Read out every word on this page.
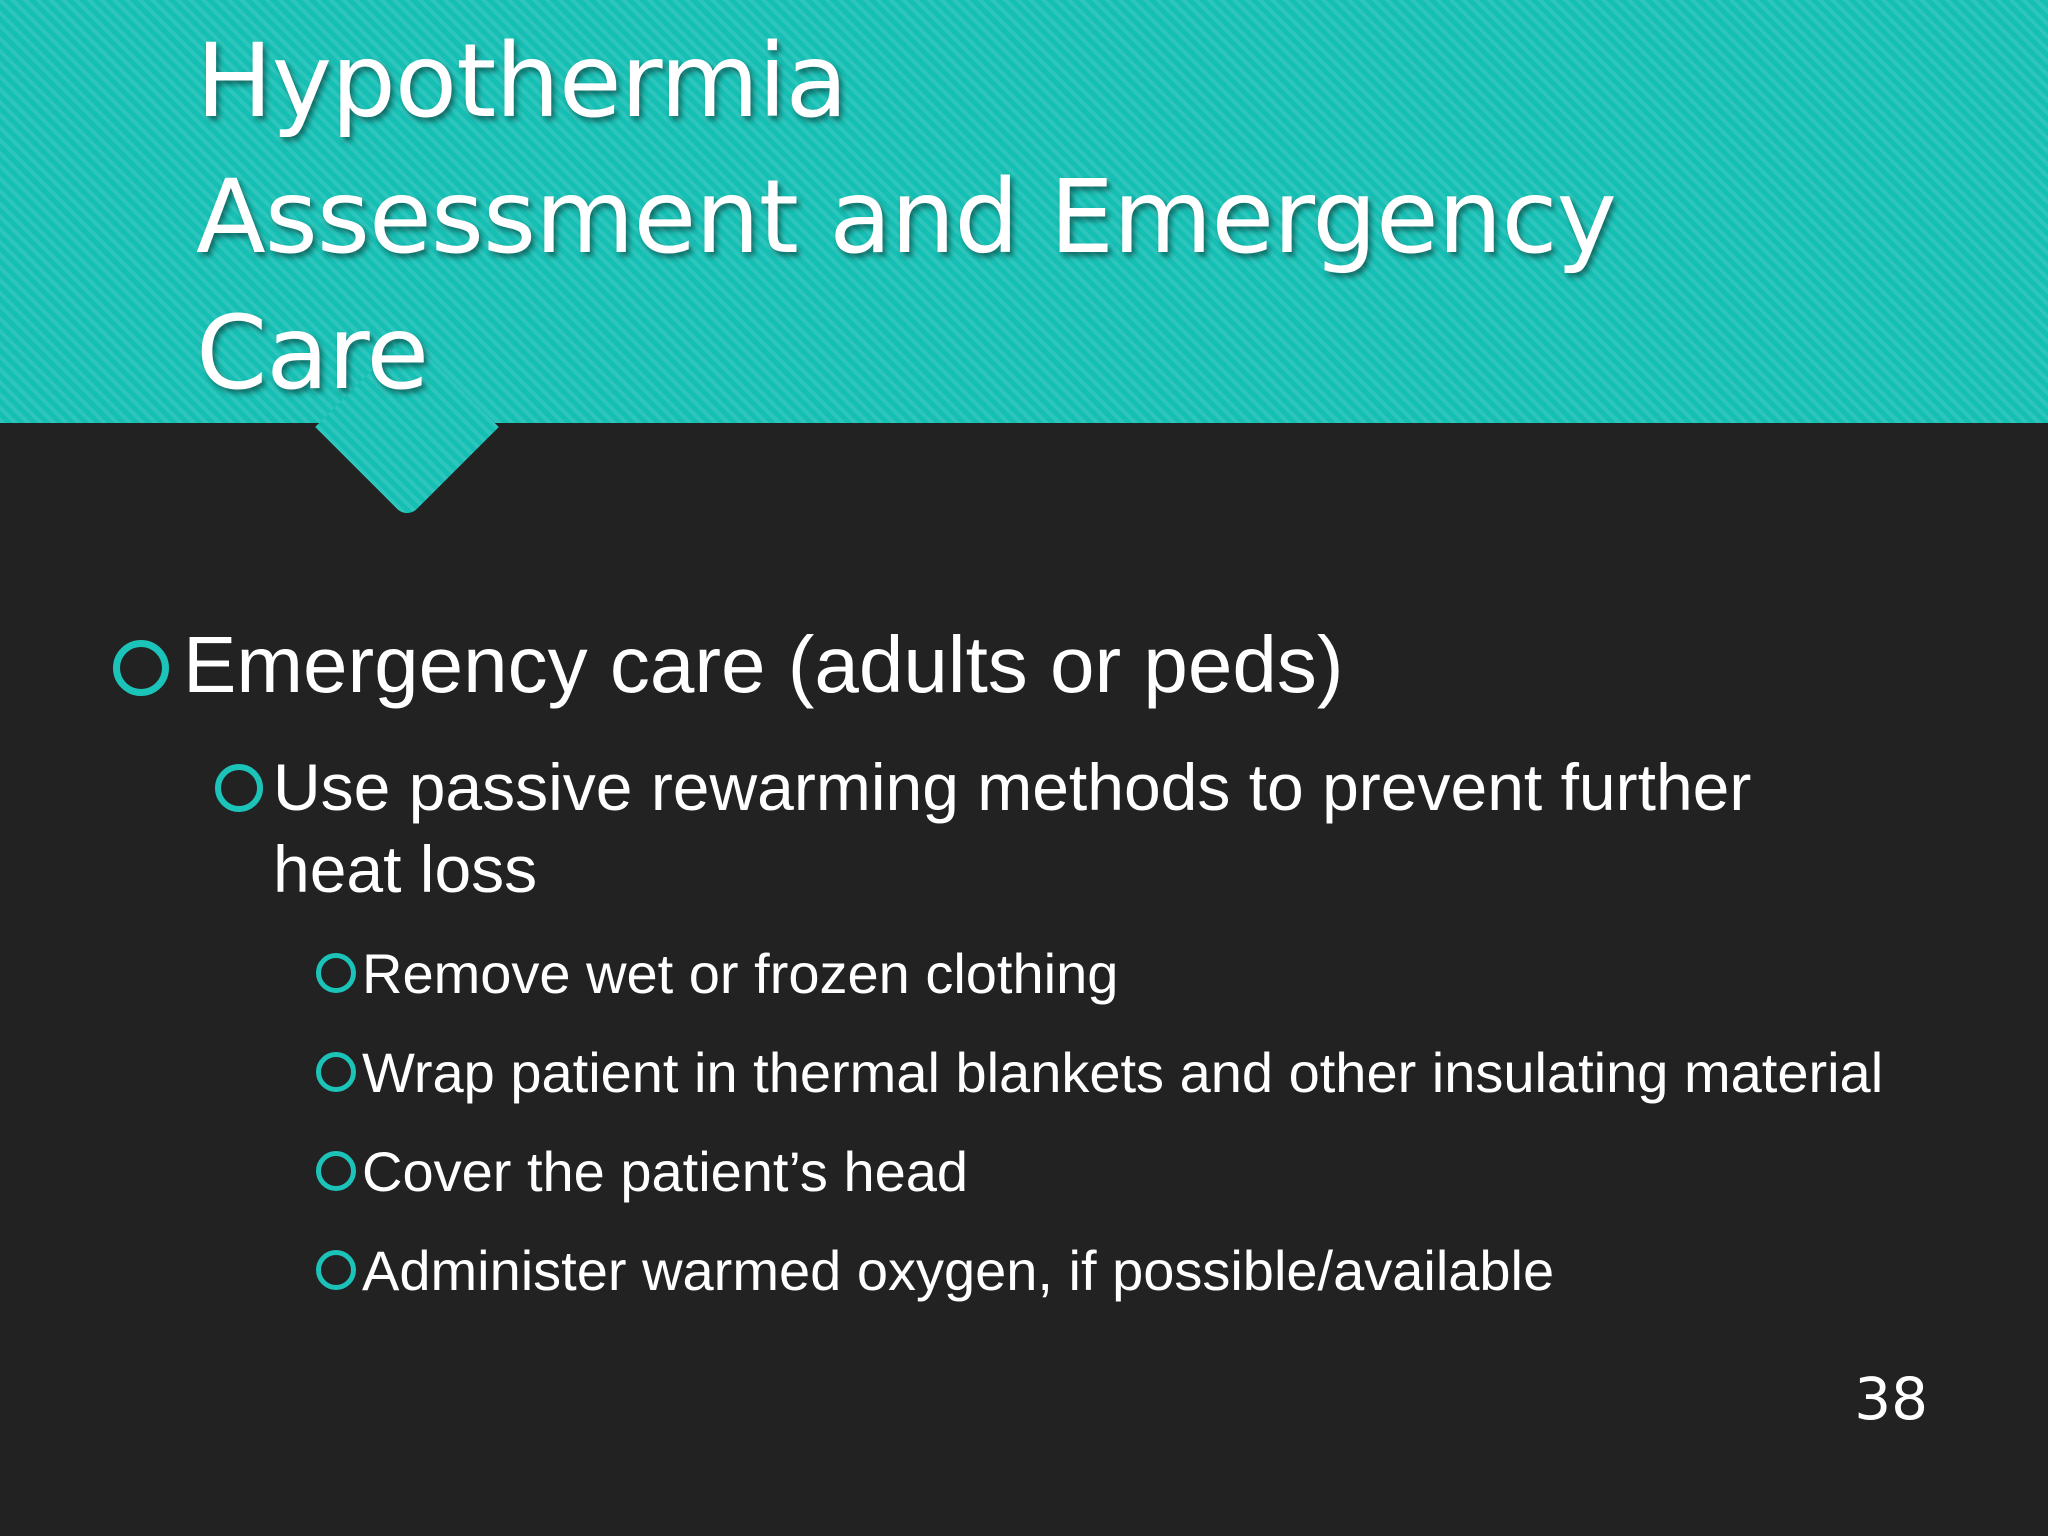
Hypothermia
Assessment and Emergency
Care
Emergency care (adults or peds)
Use passive rewarming methods to prevent further
heat loss
Remove wet or frozen clothing
Wrap patient in thermal blankets and other insulating material
Cover the patient’s head
Administer warmed oxygen, if possible/available
38
